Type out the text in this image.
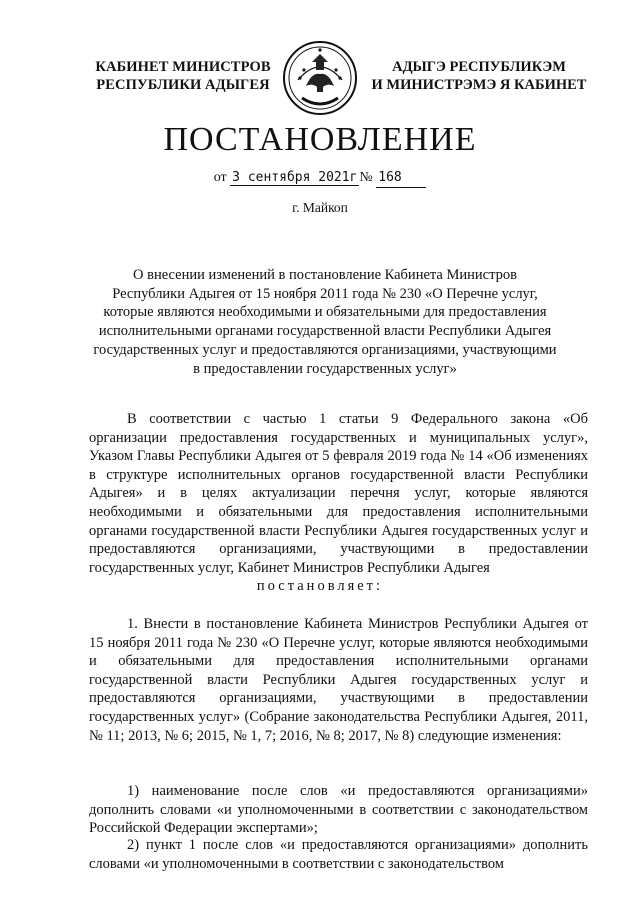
КАБИНЕТ МИНИСТРОВ
РЕСПУБЛИКИ АДЫГЕЯ
АДЫГЭ РЕСПУБЛИКЭМ
И МИНИСТРЭМЭ Я КАБИНЕТ
ПОСТАНОВЛЕНИЕ
от 3 сентября 2021г № 168
г. Майкоп
О внесении изменений в постановление Кабинета Министров
Республики Адыгея от 15 ноября 2011 года № 230 «О Перечне услуг,
которые являются необходимыми и обязательными для предоставления
исполнительными органами государственной власти Республики Адыгея
государственных услуг и предоставляются организациями, участвующими
в предоставлении государственных услуг»
В соответствии с частью 1 статьи 9 Федерального закона «Об организации предоставления государственных и муниципальных услуг», Указом Главы Республики Адыгея от 5 февраля 2019 года № 14 «Об изменениях в структуре исполнительных органов государственной власти Республики Адыгея» и в целях актуализации перечня услуг, которые являются необходимыми и обязательными для предоставления исполнительными органами государственной власти Республики Адыгея государственных услуг и предоставляются организациями, участвующими в предоставлении государственных услуг, Кабинет Министров Республики Адыгея
постановляет:
1. Внести в постановление Кабинета Министров Республики Адыгея от 15 ноября 2011 года № 230 «О Перечне услуг, которые являются необходимыми и обязательными для предоставления исполнительными органами государственной власти Республики Адыгея государственных услуг и предоставляются организациями, участвующими в предоставлении государственных услуг» (Собрание законодательства Республики Адыгея, 2011, № 11; 2013, № 6; 2015, № 1, 7; 2016, № 8; 2017, № 8) следующие изменения:
1) наименование после слов «и предоставляются организациями» дополнить словами «и уполномоченными в соответствии с законодательством Российской Федерации экспертами»;
2) пункт 1 после слов «и предоставляются организациями» дополнить словами «и уполномоченными в соответствии с законодательством
